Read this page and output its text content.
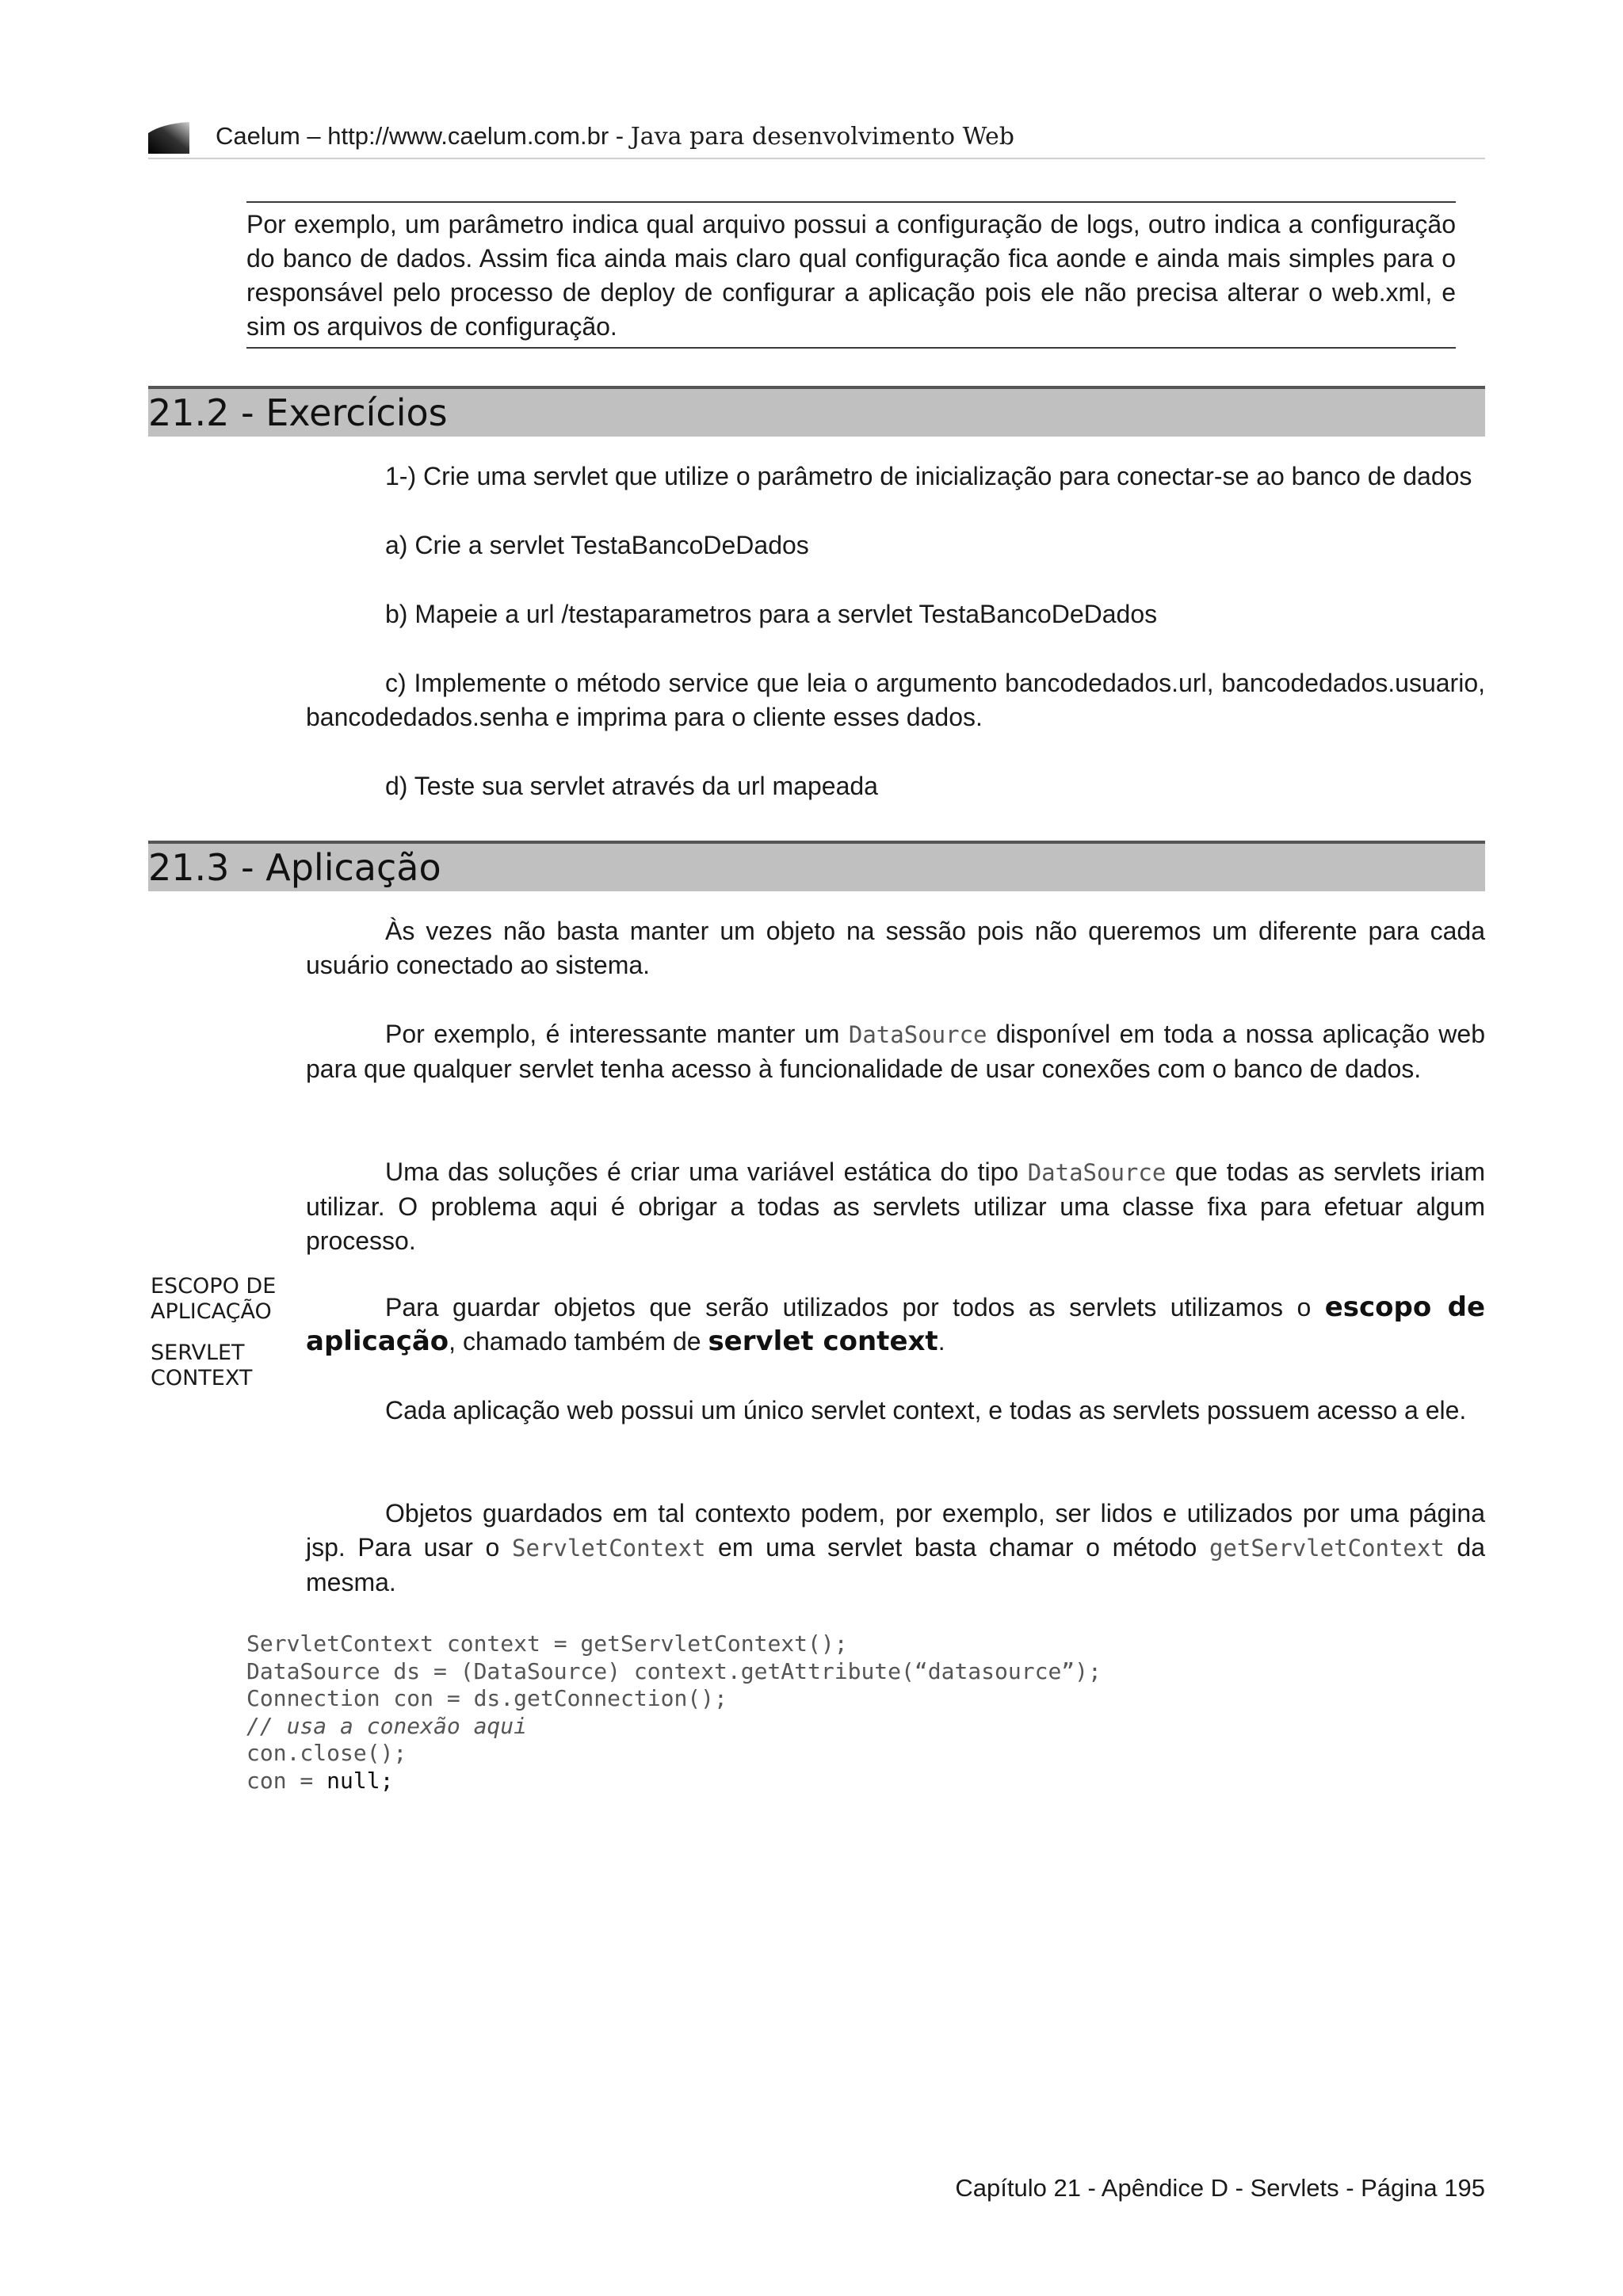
Caelum – http://www.caelum.com.br - Java para desenvolvimento Web

Por exemplo, um parâmetro indica qual arquivo possui a configuração de logs, outro indica a configuração do banco de dados. Assim fica ainda mais claro qual configuração fica aonde e ainda mais simples para o responsável pelo processo de deploy de configurar a aplicação pois ele não precisa alterar o web.xml, e sim os arquivos de configuração.

21.2 - Exercícios

1-) Crie uma servlet que utilize o parâmetro de inicialização para conectar-se ao banco de dados

a) Crie a servlet TestaBancoDeDados

b) Mapeie a url /testaparametros para a servlet TestaBancoDeDados

c) Implemente o método service que leia o argumento bancodedados.url, bancodedados.usuario, bancodedados.senha e imprima para o cliente esses dados.

d) Teste sua servlet através da url mapeada

21.3 - Aplicação

Às vezes não basta manter um objeto na sessão pois não queremos um diferente para cada usuário conectado ao sistema.

Por exemplo, é interessante manter um DataSource disponível em toda a nossa aplicação web para que qualquer servlet tenha acesso à funcionalidade de usar conexões com o banco de dados.

Uma das soluções é criar uma variável estática do tipo DataSource que todas as servlets iriam utilizar. O problema aqui é obrigar a todas as servlets utilizar uma classe fixa para efetuar algum processo.

ESCOPO DE APLICAÇÃO

SERVLET CONTEXT

Para guardar objetos que serão utilizados por todos as servlets utilizamos o escopo de aplicação, chamado também de servlet context.

Cada aplicação web possui um único servlet context, e todas as servlets possuem acesso a ele.

Objetos guardados em tal contexto podem, por exemplo, ser lidos e utilizados por uma página jsp. Para usar o ServletContext em uma servlet basta chamar o método getServletContext da mesma.

ServletContext context = getServletContext();
DataSource ds = (DataSource) context.getAttribute(“datasource”);
Connection con = ds.getConnection();
// usa a conexão aqui
con.close();
con = null;
Capítulo 21 - Apêndice D - Servlets - Página 195
